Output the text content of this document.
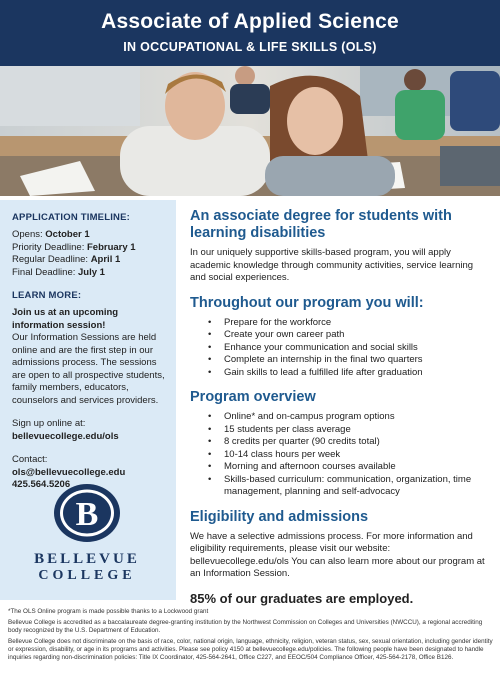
Associate of Applied Science
IN OCCUPATIONAL & LIFE SKILLS (OLS)
APPLICATION TIMELINE:
Opens: October 1
Priority Deadline: February 1
Regular Deadline: April 1
Final Deadline: July 1
LEARN MORE:
Join us at an upcoming information session!
Our Information Sessions are held online and are the first step in our admissions process. The sessions are open to all prospective students, family members, educators, counselors and services providers.
Sign up online at:
bellevuecollege.edu/ols
Contact:
ols@bellevuecollege.edu
425.564.5206
B
BELLEVUE
COLLEGE
An associate degree for students with learning disabilities
In our uniquely supportive skills-based program, you will apply academic knowledge through community activities, service learning and social experiences.
Throughout our program you will:
• Prepare for the workforce
• Create your own career path
• Enhance your communication and social skills
• Complete an internship in the final two quarters
• Gain skills to lead a fulfilled life after graduation
Program overview
• Online* and on-campus program options
• 15 students per class average
• 8 credits per quarter (90 credits total)
• 10-14 class hours per week
• Morning and afternoon courses available
• Skills-based curriculum: communication, organization, time management, planning and self-advocacy
Eligibility and admissions
We have a selective admissions process. For more information and eligibility requirements, please visit our website: bellevuecollege.edu/ols You can also learn more about our program at an Information Session.
85% of our graduates are employed.
*The OLS Online program is made possible thanks to a Lockwood grant
Bellevue College is accredited as a baccalaureate degree-granting institution by the Northwest Commission on Colleges and Universities (NWCCU), a regional accrediting body recognized by the U.S. Department of Education.
Bellevue College does not discriminate on the basis of race, color, national origin, language, ethnicity, religion, veteran status, sex, sexual orientation, including gender identity or expression, disability, or age in its programs and activities. Please see policy 4150 at bellevuecollege.edu/policies. The following people have been designated to handle inquiries regarding non-discrimination policies: Title IX Coordinator, 425-564-2641, Office C227, and EEOC/504 Compliance Officer, 425-564-2178, Office B126.
